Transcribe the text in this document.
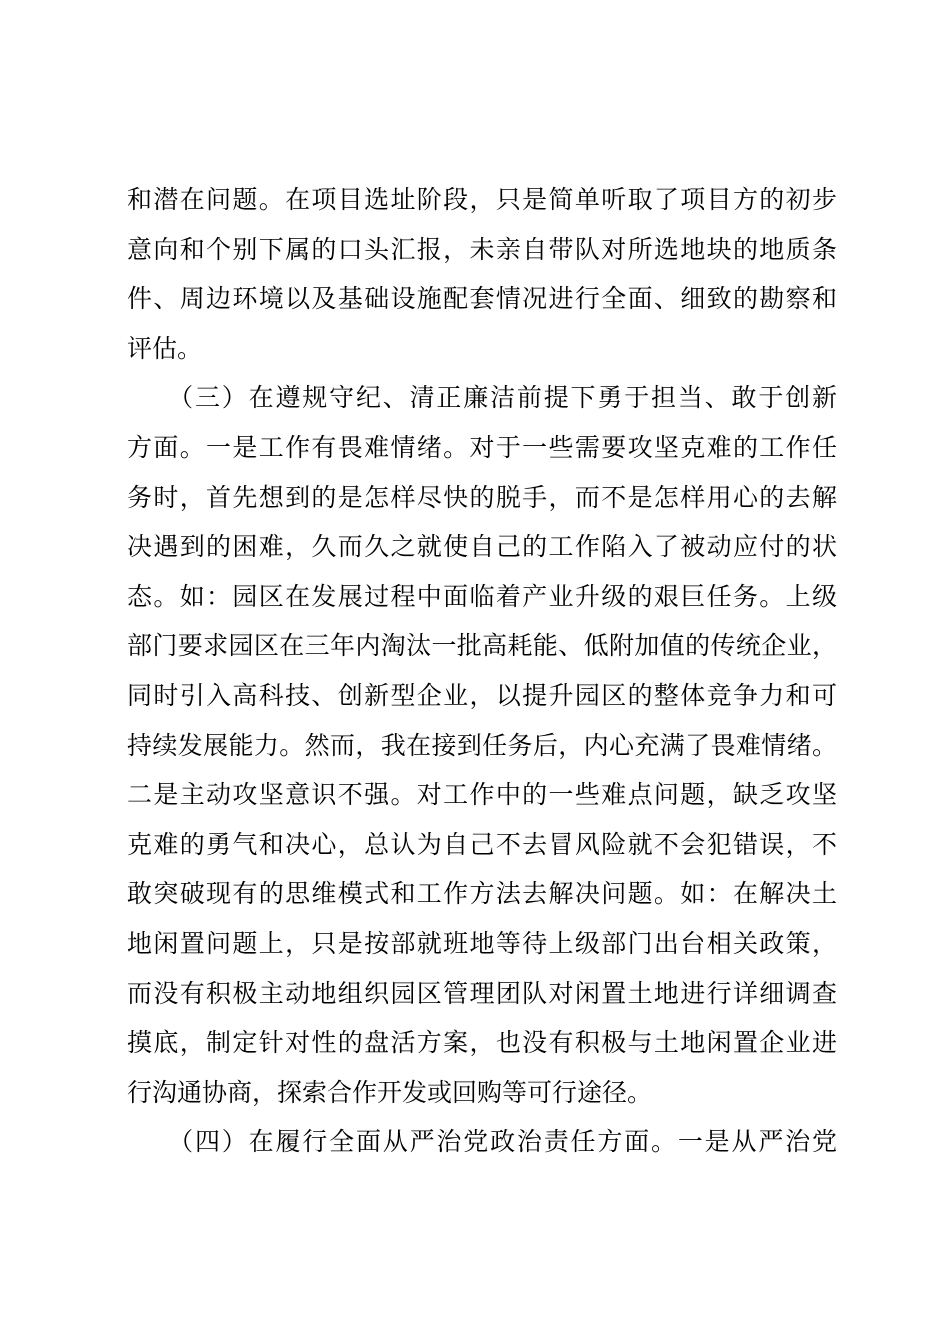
和潜在问题。在项目选址阶段，只是简单听取了项目方的初步
意向和个别下属的口头汇报，未亲自带队对所选地块的地质条
件、周边环境以及基础设施配套情况进行全面、细致的勘察和
评估。
　　（三）在遵规守纪、清正廉洁前提下勇于担当、敢于创新
方面。一是工作有畏难情绪。对于一些需要攻坚克难的工作任
务时，首先想到的是怎样尽快的脱手，而不是怎样用心的去解
决遇到的困难，久而久之就使自己的工作陷入了被动应付的状
态。如：园区在发展过程中面临着产业升级的艰巨任务。上级
部门要求园区在三年内淘汰一批高耗能、低附加值的传统企业，
同时引入高科技、创新型企业，以提升园区的整体竞争力和可
持续发展能力。然而，我在接到任务后，内心充满了畏难情绪。
二是主动攻坚意识不强。对工作中的一些难点问题，缺乏攻坚
克难的勇气和决心，总认为自己不去冒风险就不会犯错误，不
敢突破现有的思维模式和工作方法去解决问题。如：在解决土
地闲置问题上，只是按部就班地等待上级部门出台相关政策，
而没有积极主动地组织园区管理团队对闲置土地进行详细调查
摸底，制定针对性的盘活方案，也没有积极与土地闲置企业进
行沟通协商，探索合作开发或回购等可行途径。
　　（四）在履行全面从严治党政治责任方面。一是从严治党
